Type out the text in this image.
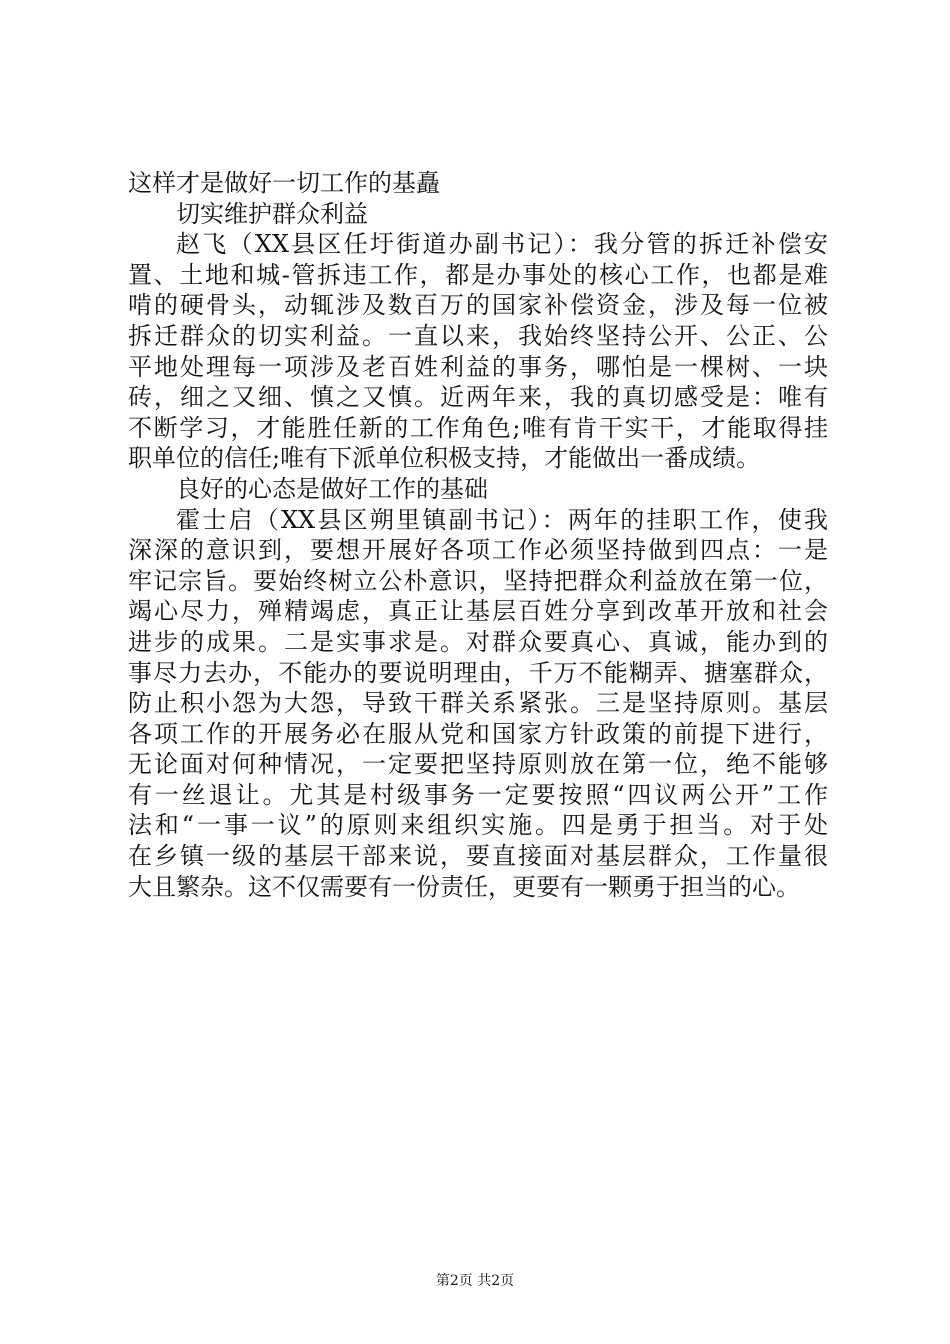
这样才是做好一切工作的基矗
切实维护群众利益
赵飞（XX县区任圩街道办副书记）：我分管的拆迁补偿安
置、土地和城-管拆违工作，都是办事处的核心工作，也都是难
啃的硬骨头，动辄涉及数百万的国家补偿资金，涉及每一位被
拆迁群众的切实利益。一直以来，我始终坚持公开、公正、公
平地处理每一项涉及老百姓利益的事务，哪怕是一棵树、一块
砖，细之又细、慎之又慎。近两年来，我的真切感受是：唯有
不断学习，才能胜任新的工作角色;唯有肯干实干，才能取得挂
职单位的信任;唯有下派单位积极支持，才能做出一番成绩。
良好的心态是做好工作的基础
霍士启（XX县区朔里镇副书记）：两年的挂职工作，使我
深深的意识到，要想开展好各项工作必须坚持做到四点：一是
牢记宗旨。要始终树立公朴意识，坚持把群众利益放在第一位，
竭心尽力，殚精竭虑，真正让基层百姓分享到改革开放和社会
进步的成果。二是实事求是。对群众要真心、真诚，能办到的
事尽力去办，不能办的要说明理由，千万不能糊弄、搪塞群众，
防止积小怨为大怨，导致干群关系紧张。三是坚持原则。基层
各项工作的开展务必在服从党和国家方针政策的前提下进行，
无论面对何种情况，一定要把坚持原则放在第一位，绝不能够
有一丝退让。尤其是村级事务一定要按照“四议两公开”工作
法和“一事一议”的原则来组织实施。四是勇于担当。对于处
在乡镇一级的基层干部来说，要直接面对基层群众，工作量很
大且繁杂。这不仅需要有一份责任，更要有一颗勇于担当的心。
第2页 共2页
